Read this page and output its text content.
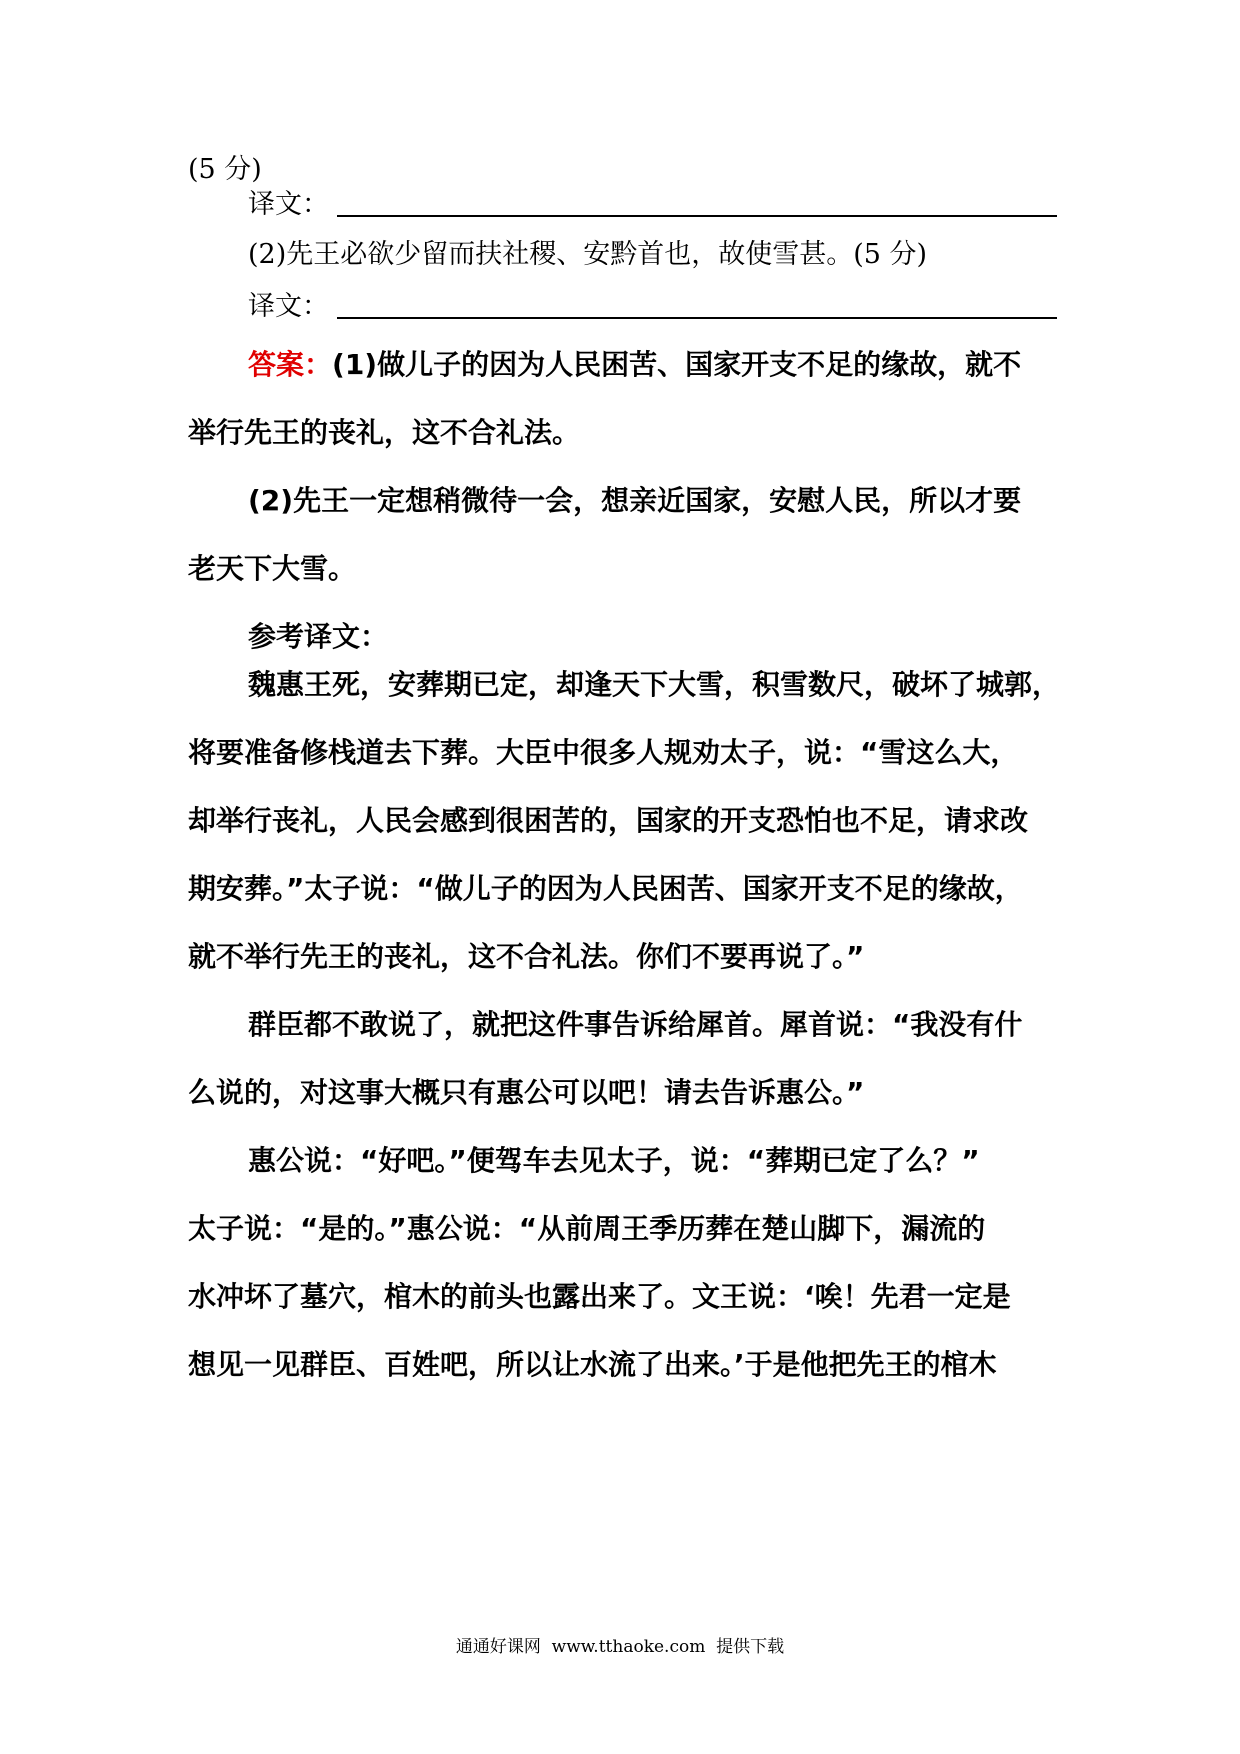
(5 分)
译文：
(2)先王必欲少留而扶社稷、安黔首也，故使雪甚。(5 分)
译文：
答案：(1)做儿子的因为人民困苦、国家开支不足的缘故，就不
举行先王的丧礼，这不合礼法。
(2)先王一定想稍微待一会，想亲近国家，安慰人民，所以才要
老天下大雪。
参考译文：
魏惠王死，安葬期已定，却逢天下大雪，积雪数尺，破坏了城郭，
将要准备修栈道去下葬。大臣中很多人规劝太子，说：“雪这么大，
却举行丧礼，人民会感到很困苦的，国家的开支恐怕也不足，请求改
期安葬。”太子说：“做儿子的因为人民困苦、国家开支不足的缘故，
就不举行先王的丧礼，这不合礼法。你们不要再说了。”
群臣都不敢说了，就把这件事告诉给犀首。犀首说：“我没有什
么说的，对这事大概只有惠公可以吧！请去告诉惠公。”
惠公说：“好吧。”便驾车去见太子，说：“葬期已定了么？”
太子说：“是的。”惠公说：“从前周王季历葬在楚山脚下，漏流的
水冲坏了墓穴，棺木的前头也露出来了。文王说：‘唉！先君一定是
想见一见群臣、百姓吧，所以让水流了出来。’于是他把先王的棺木
通通好课网  www.tthaoke.com  提供下载
